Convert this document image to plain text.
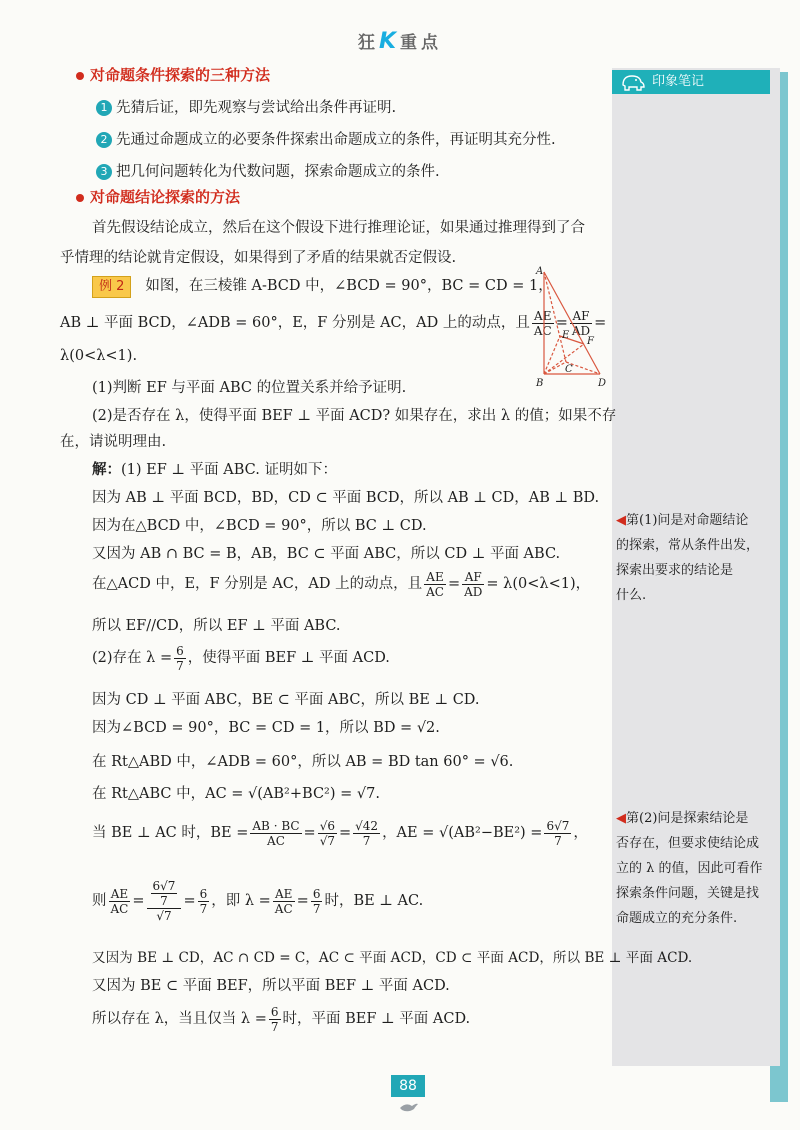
狂K重点
印象笔记
对命题条件探索的三种方法
1 先猜后证，即先观察与尝试给出条件再证明.
2 先通过命题成立的必要条件探索出命题成立的条件，再证明其充分性.
3 把几何问题转化为代数问题，探索命题成立的条件.
对命题结论探索的方法
首先假设结论成立，然后在这个假设下进行推理论证，如果通过推理得到了合
乎情理的结论就肯定假设，如果得到了矛盾的结果就否定假设.
例 2 如图，在三棱锥 A-BCD 中，∠BCD = 90°，BC = CD = 1，
AB ⊥ 平面 BCD，∠ADB = 60°，E，F 分别是 AC，AD 上的动点，且 $\frac{AE}{AC} = \frac{AF}{AD}$ =
λ(0<λ<1).
(1)判断 EF 与平面 ABC 的位置关系并给予证明.
(2)是否存在 λ，使得平面 BEF ⊥ 平面 ACD? 如果存在，求出 λ 的值；如果不存
在，请说明理由.
A
B
C
D
E
F
解：(1) EF ⊥ 平面 ABC. 证明如下：
因为 AB ⊥ 平面 BCD，BD，CD ⊂ 平面 BCD，所以 AB ⊥ CD，AB ⊥ BD.
因为在△BCD 中，∠BCD = 90°，所以 BC ⊥ CD.
又因为 AB ∩ BC = B，AB，BC ⊂ 平面 ABC，所以 CD ⊥ 平面 ABC.
在△ACD 中，E，F 分别是 AC，AD 上的动点，且 $\frac{AE}{AC} = \frac{AF}{AD} = \lambda(0<\lambda<1)$，
所以 EF//CD，所以 EF ⊥ 平面 ABC.
(2)存在 $\lambda = \frac{6}{7}$ ，使得平面 BEF ⊥ 平面 ACD.
因为 CD ⊥ 平面 ABC，BE ⊂ 平面 ABC，所以 BE ⊥ CD.
因为∠BCD = 90°，BC = CD = 1，所以 BD = √2.
在 Rt△ABD 中，∠ADB = 60°，所以 AB = BD tan 60° = √6.
在 Rt△ABC 中，AC = √(AB²+BC²) = √7.
当 BE ⊥ AC 时，BE = $\frac{AB \cdot BC}{AC} = \frac{√6}{√7} = \frac{√42}{7}$ ，AE = $√(AB^2-BE^2) = \frac{6√7}{7}$ ，
则 $\frac{AE}{AC} = \frac{\frac{6√7}{7}}{√7} = \frac{6}{7}$ ，即 $\lambda = \frac{AE}{AC} = \frac{6}{7}$ 时，BE ⊥ AC.
又因为 BE ⊥ CD，AC ∩ CD = C，AC ⊂ 平面 ACD，CD ⊂ 平面 ACD，所以 BE ⊥ 平面 ACD.
又因为 BE ⊂ 平面 BEF，所以平面 BEF ⊥ 平面 ACD.
所以存在 λ，当且仅当 $\lambda = \frac{6}{7}$ 时，平面 BEF ⊥ 平面 ACD.
◀第(1)问是对命题结论
的探索，常从条件出发，
探索出要求的结论是
什么.
◀第(2)问是探索结论是
否存在，但要求使结论成
立的 λ 的值，因此可看作
探索条件问题，关键是找
命题成立的充分条件.
88
